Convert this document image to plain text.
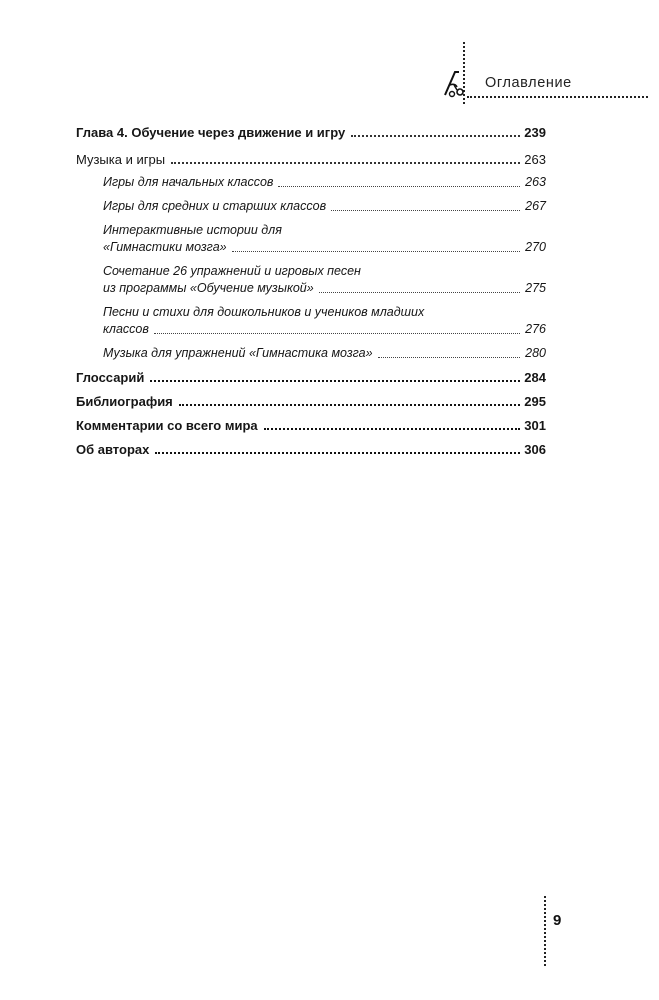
Оглавление
Глава 4. Обучение через движение и игру	239
Музыка и игры	263
Игры для начальных классов	263
Игры для средних и старших классов	267
Интерактивные истории для
«Гимнастики мозга»	270
Сочетание 26 упражнений и игровых песен
из программы «Обучение музыкой»	275
Песни и стихи для дошкольников и учеников младших
классов	276
Музыка для упражнений «Гимнастика мозга»	280
Глоссарий	284
Библиография	295
Комментарии со всего мира	301
Об авторах	306
9
